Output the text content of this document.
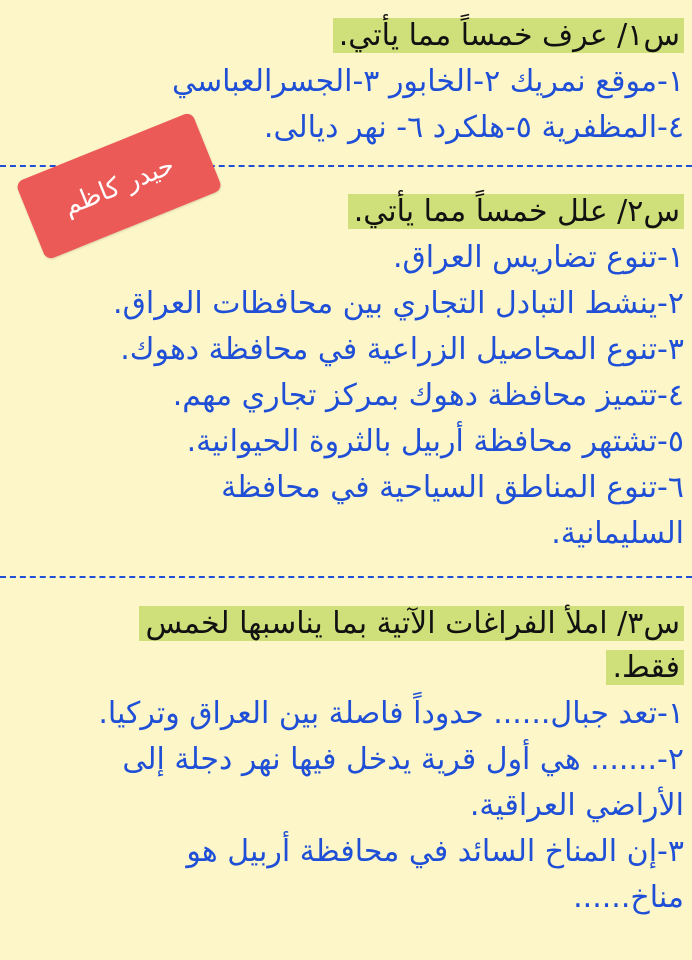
س١/ عرف خمساً مما يأتي.
١-موقع نمريك ٢-الخابور ٣-الجسرالعباسي
٤-المظفرية ٥-هلكرد ٦- نهر ديالى.
س٢/ علل خمساً مما يأتي.
١-تنوع تضاريس العراق.
٢-ينشط التبادل التجاري بين محافظات العراق.
٣-تنوع المحاصيل الزراعية في محافظة دهوك.
٤-تتميز محافظة دهوك بمركز تجاري مهم.
٥-تشتهر محافظة أربيل بالثروة الحيوانية.
٦-تنوع المناطق السياحية في محافظة
السليمانية.
س٣/ املأ الفراغات الآتية بما يناسبها لخمس
فقط.
١-تعد جبال...... حدوداً فاصلة بين العراق وتركيا.
٢-....... هي أول قرية يدخل فيها نهر دجلة إلى
الأراضي العراقية.
٣-إن المناخ السائد في محافظة أربيل هو
مناخ......
حيدر كاظم
